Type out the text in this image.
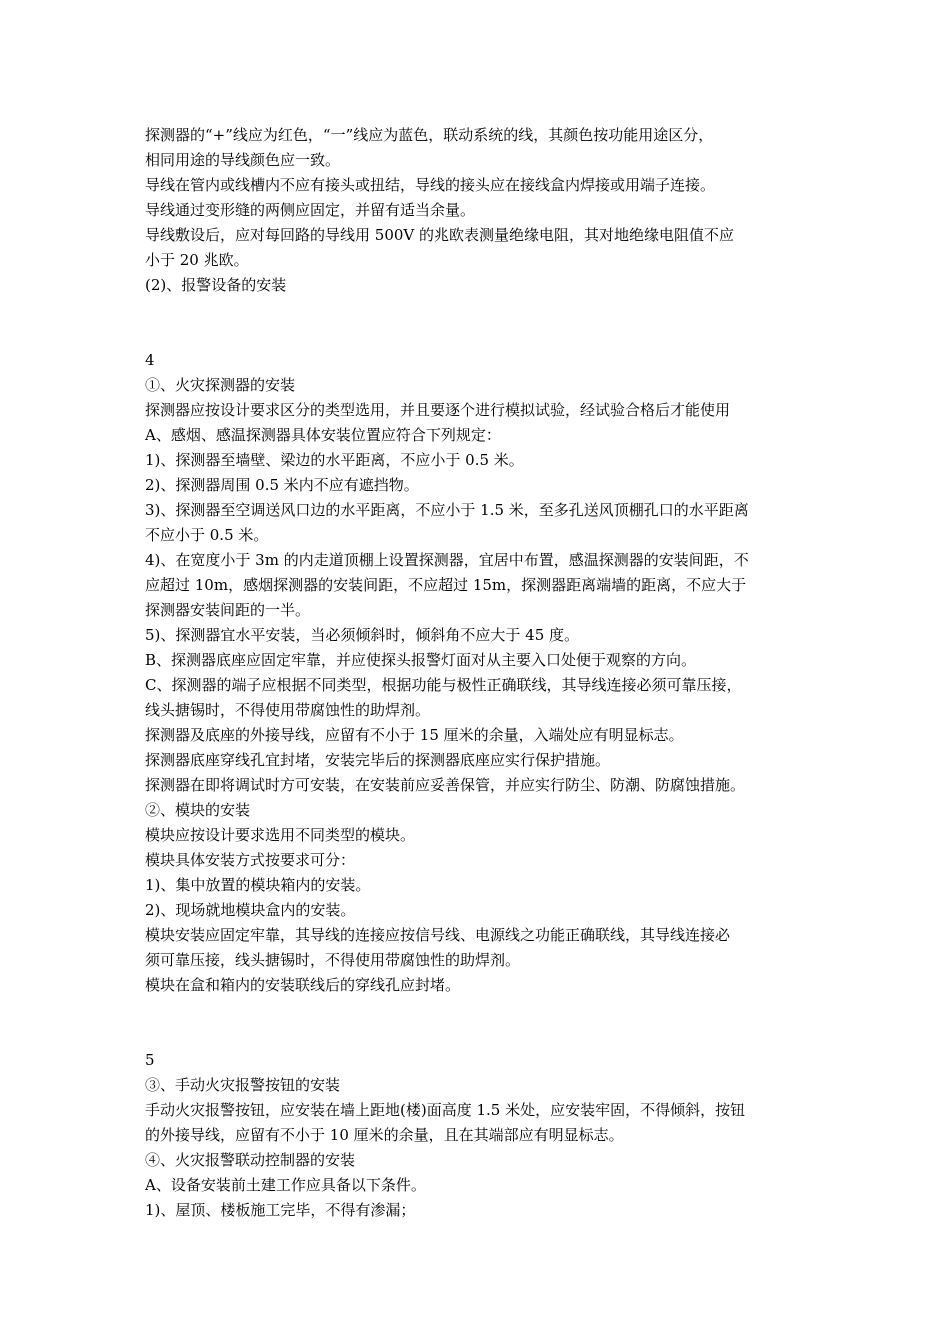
探测器的“+”线应为红色，“一”线应为蓝色，联动系统的线，其颜色按功能用途区分，
相同用途的导线颜色应一致。
导线在管内或线槽内不应有接头或扭结，导线的接头应在接线盒内焊接或用端子连接。
导线通过变形缝的两侧应固定，并留有适当余量。
导线敷设后，应对每回路的导线用 500V 的兆欧表测量绝缘电阻，其对地绝缘电阻值不应
小于 20 兆欧。
(2)、报警设备的安装
4
①、火灾探测器的安装
探测器应按设计要求区分的类型选用，并且要逐个进行模拟试验，经试验合格后才能使用
A、感烟、感温探测器具体安装位置应符合下列规定：
1)、探测器至墙壁、梁边的水平距离，不应小于 0.5 米。
2)、探测器周围 0.5 米内不应有遮挡物。
3)、探测器至空调送风口边的水平距离，不应小于 1.5 米，至多孔送风顶棚孔口的水平距离
不应小于 0.5 米。
4)、在宽度小于 3m 的内走道顶棚上设置探测器，宜居中布置，感温探测器的安装间距，不
应超过 10m，感烟探测器的安装间距，不应超过 15m，探测器距离端墙的距离，不应大于
探测器安装间距的一半。
5)、探测器宜水平安装，当必须倾斜时，倾斜角不应大于 45 度。
B、探测器底座应固定牢靠，并应使探头报警灯面对从主要入口处便于观察的方向。
C、探测器的端子应根据不同类型，根据功能与极性正确联线，其导线连接必须可靠压接，
线头搪锡时，不得使用带腐蚀性的助焊剂。
探测器及底座的外接导线，应留有不小于 15 厘米的余量，入端处应有明显标志。
探测器底座穿线孔宜封堵，安装完毕后的探测器底座应实行保护措施。
探测器在即将调试时方可安装，在安装前应妥善保管，并应实行防尘、防潮、防腐蚀措施。
②、模块的安装
模块应按设计要求选用不同类型的模块。
模块具体安装方式按要求可分：
1)、集中放置的模块箱内的安装。
2)、现场就地模块盒内的安装。
模块安装应固定牢靠，其导线的连接应按信号线、电源线之功能正确联线，其导线连接必
须可靠压接，线头搪锡时，不得使用带腐蚀性的助焊剂。
模块在盒和箱内的安装联线后的穿线孔应封堵。
5
③、手动火灾报警按钮的安装
手动火灾报警按钮，应安装在墙上距地(楼)面高度 1.5 米处，应安装牢固，不得倾斜，按钮
的外接导线，应留有不小于 10 厘米的余量，且在其端部应有明显标志。
④、火灾报警联动控制器的安装
A、设备安装前土建工作应具备以下条件。
1)、屋顶、楼板施工完毕，不得有渗漏；
